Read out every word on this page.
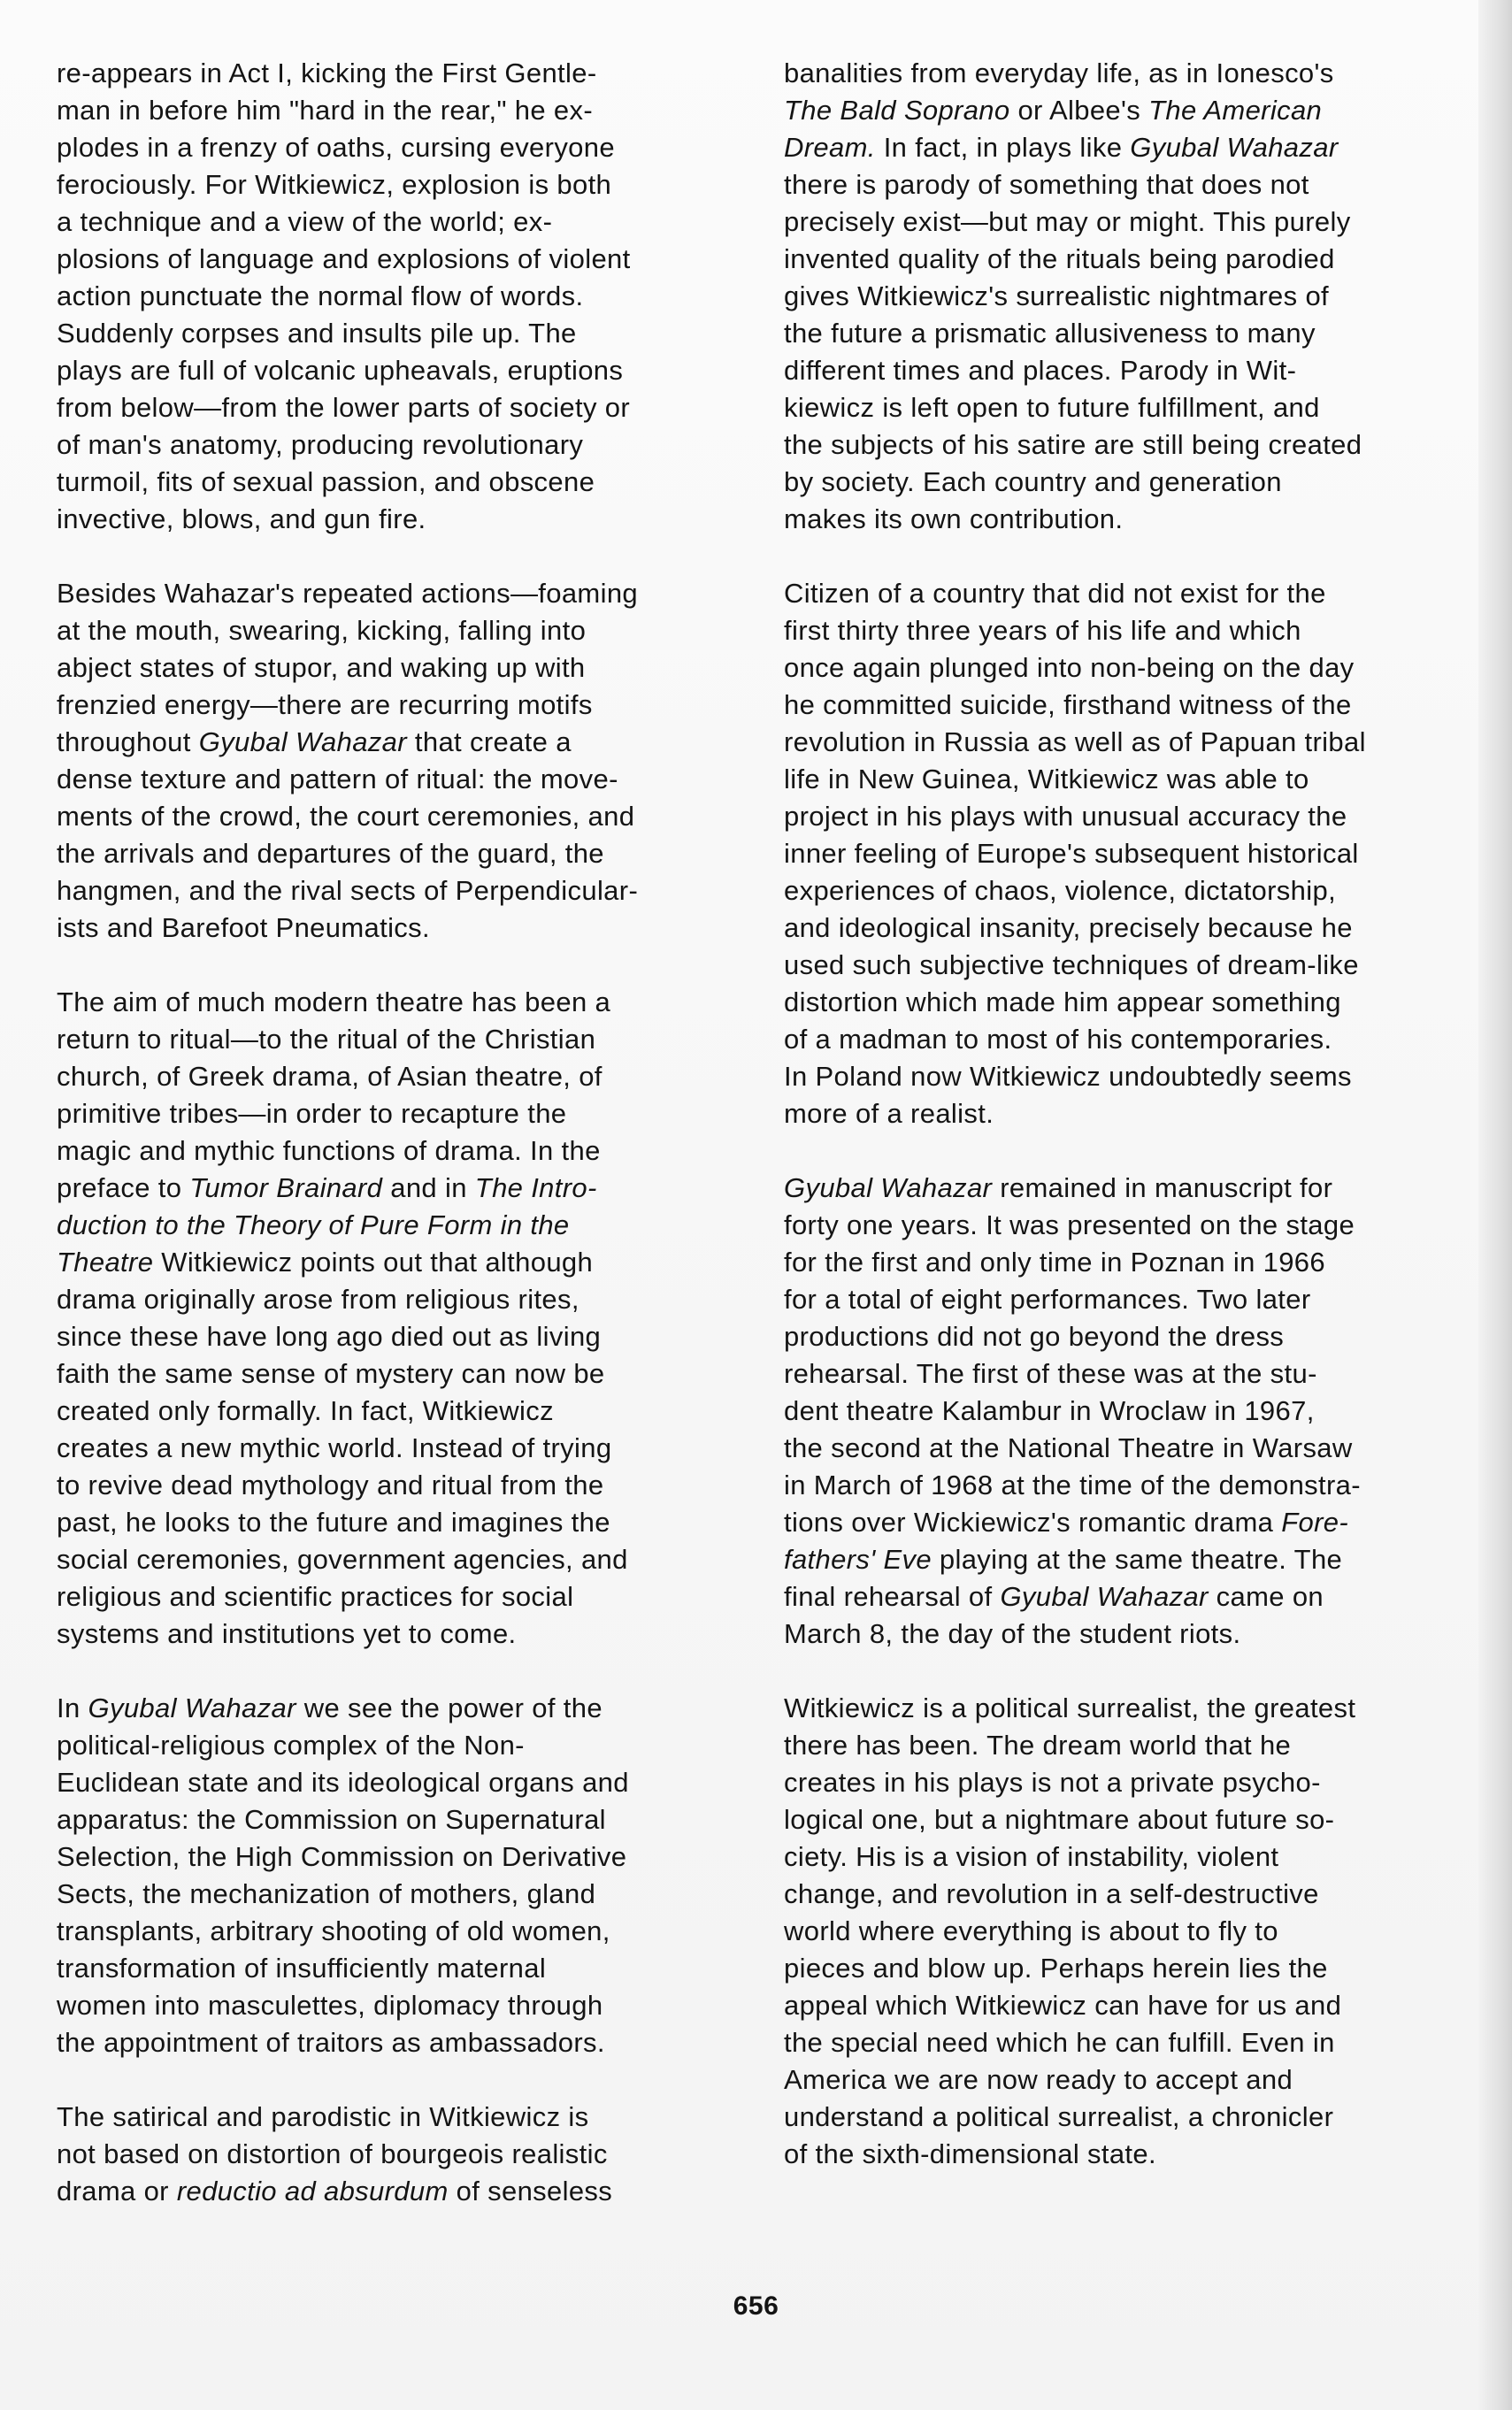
re-appears in Act I, kicking the First Gentle-
man in before him "hard in the rear," he ex-
plodes in a frenzy of oaths, cursing everyone
ferociously. For Witkiewicz, explosion is both
a technique and a view of the world; ex-
plosions of language and explosions of violent
action punctuate the normal flow of words.
Suddenly corpses and insults pile up. The
plays are full of volcanic upheavals, eruptions
from below—from the lower parts of society or
of man's anatomy, producing revolutionary
turmoil, fits of sexual passion, and obscene
invective, blows, and gun fire.

Besides Wahazar's repeated actions—foaming
at the mouth, swearing, kicking, falling into
abject states of stupor, and waking up with
frenzied energy—there are recurring motifs
throughout Gyubal Wahazar that create a
dense texture and pattern of ritual: the move-
ments of the crowd, the court ceremonies, and
the arrivals and departures of the guard, the
hangmen, and the rival sects of Perpendicular-
ists and Barefoot Pneumatics.

The aim of much modern theatre has been a
return to ritual—to the ritual of the Christian
church, of Greek drama, of Asian theatre, of
primitive tribes—in order to recapture the
magic and mythic functions of drama. In the
preface to Tumor Brainard and in The Intro-
duction to the Theory of Pure Form in the
Theatre Witkiewicz points out that although
drama originally arose from religious rites,
since these have long ago died out as living
faith the same sense of mystery can now be
created only formally. In fact, Witkiewicz
creates a new mythic world. Instead of trying
to revive dead mythology and ritual from the
past, he looks to the future and imagines the
social ceremonies, government agencies, and
religious and scientific practices for social
systems and institutions yet to come.

In Gyubal Wahazar we see the power of the
political-religious complex of the Non-
Euclidean state and its ideological organs and
apparatus: the Commission on Supernatural
Selection, the High Commission on Derivative
Sects, the mechanization of mothers, gland
transplants, arbitrary shooting of old women,
transformation of insufficiently maternal
women into masculettes, diplomacy through
the appointment of traitors as ambassadors.

The satirical and parodistic in Witkiewicz is
not based on distortion of bourgeois realistic
drama or reductio ad absurdum of senseless

banalities from everyday life, as in Ionesco's
The Bald Soprano or Albee's The American
Dream. In fact, in plays like Gyubal Wahazar
there is parody of something that does not
precisely exist—but may or might. This purely
invented quality of the rituals being parodied
gives Witkiewicz's surrealistic nightmares of
the future a prismatic allusiveness to many
different times and places. Parody in Wit-
kiewicz is left open to future fulfillment, and
the subjects of his satire are still being created
by society. Each country and generation
makes its own contribution.

Citizen of a country that did not exist for the
first thirty three years of his life and which
once again plunged into non-being on the day
he committed suicide, firsthand witness of the
revolution in Russia as well as of Papuan tribal
life in New Guinea, Witkiewicz was able to
project in his plays with unusual accuracy the
inner feeling of Europe's subsequent historical
experiences of chaos, violence, dictatorship,
and ideological insanity, precisely because he
used such subjective techniques of dream-like
distortion which made him appear something
of a madman to most of his contemporaries.
In Poland now Witkiewicz undoubtedly seems
more of a realist.

Gyubal Wahazar remained in manuscript for
forty one years. It was presented on the stage
for the first and only time in Poznan in 1966
for a total of eight performances. Two later
productions did not go beyond the dress
rehearsal. The first of these was at the stu-
dent theatre Kalambur in Wroclaw in 1967,
the second at the National Theatre in Warsaw
in March of 1968 at the time of the demonstra-
tions over Wickiewicz's romantic drama Fore-
fathers' Eve playing at the same theatre. The
final rehearsal of Gyubal Wahazar came on
March 8, the day of the student riots.

Witkiewicz is a political surrealist, the greatest
there has been. The dream world that he
creates in his plays is not a private psycho-
logical one, but a nightmare about future so-
ciety. His is a vision of instability, violent
change, and revolution in a self-destructive
world where everything is about to fly to
pieces and blow up. Perhaps herein lies the
appeal which Witkiewicz can have for us and
the special need which he can fulfill. Even in
America we are now ready to accept and
understand a political surrealist, a chronicler
of the sixth-dimensional state.

656
